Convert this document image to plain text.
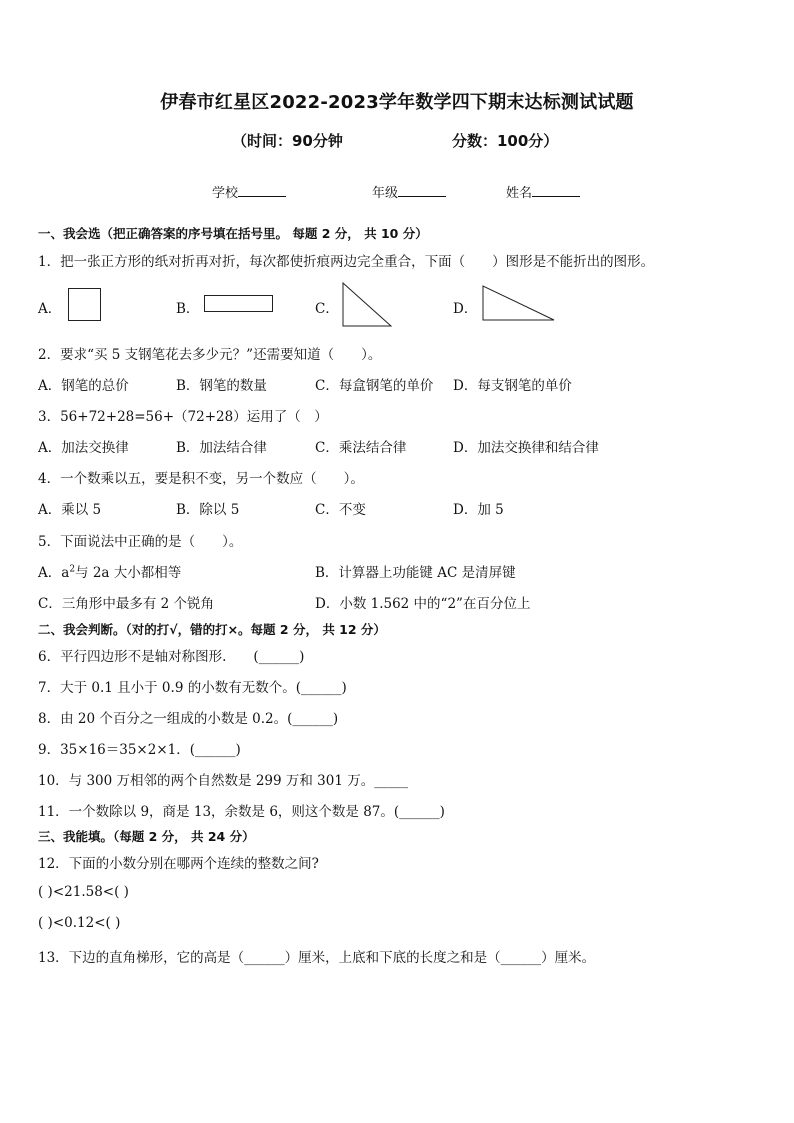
伊春市红星区2022-2023学年数学四下期末达标测试试题
（时间：90分钟	分数：100分）
学校	年级	姓名
一、我会选（把正确答案的序号填在括号里。 每题 2 分， 共 10 分）
1．把一张正方形的纸对折再对折，每次都使折痕两边完全重合，下面（　　）图形是不能折出的图形。
A．	B．	C．	D．
2．要求“买 5 支钢笔花去多少元？”还需要知道（　　）。
A．钢笔的总价	B．钢笔的数量	C．每盒钢笔的单价 D．每支钢笔的单价
3．56+72+28=56+（72+28）运用了（　）
A．加法交换律	B．加法结合律	C．乘法结合律	D．加法交换律和结合律
4．一个数乘以五，要是积不变，另一个数应（　　）。
A．乘以 5	B．除以 5	C．不变	D．加 5
5．下面说法中正确的是（　　）。
A．$a^2$与 2a 大小都相等	B．计算器上功能键 AC 是清屏键
C．三角形中最多有 2 个锐角	D．小数 1.562 中的“2”在百分位上
二、我会判断。（对的打√，错的打×。每题 2 分， 共 12 分）
6．平行四边形不是轴对称图形.　　(______)
7．大于 0.1 且小于 0.9 的小数有无数个。(______)
8．由 20 个百分之一组成的小数是 0.2。(______)
9．35×16＝35×2×1．(______)
10．与 300 万相邻的两个自然数是 299 万和 301 万。_____
11．一个数除以 9，商是 13，余数是 6，则这个数是 87。(______)
三、我能填。（每题 2 分， 共 24 分）
12．下面的小数分别在哪两个连续的整数之间?
( )<21.58<( )
( )<0.12<( )
13．下边的直角梯形，它的高是（______）厘米，上底和下底的长度之和是（______）厘米。
